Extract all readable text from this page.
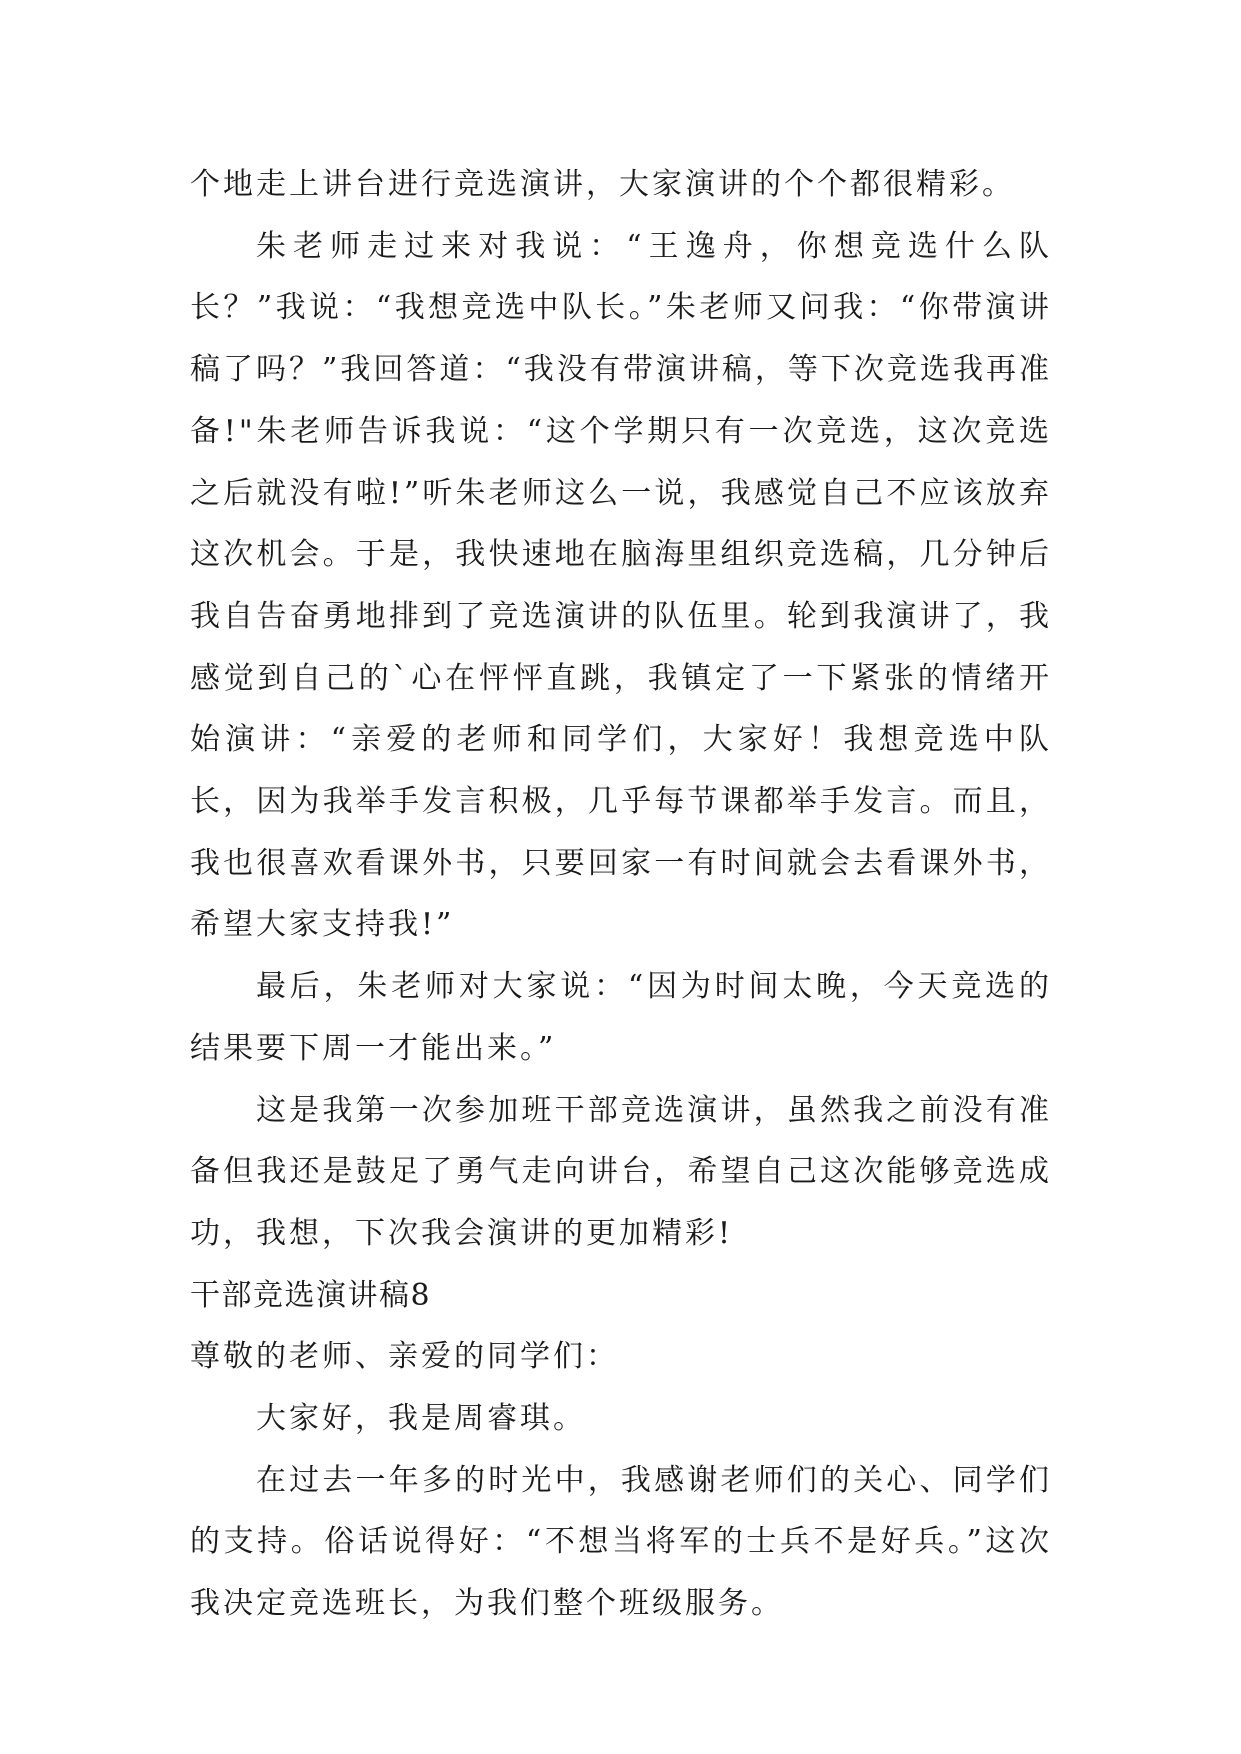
个地走上讲台进行竞选演讲，大家演讲的个个都很精彩。

朱老师走过来对我说：“王逸舟，你想竞选什么队长？”我说：“我想竞选中队长。”朱老师又问我：“你带演讲稿了吗？”我回答道：“我没有带演讲稿，等下次竞选我再准备!"朱老师告诉我说：“这个学期只有一次竞选，这次竞选之后就没有啦!”听朱老师这么一说，我感觉自己不应该放弃这次机会。于是，我快速地在脑海里组织竞选稿，几分钟后我自告奋勇地排到了竞选演讲的队伍里。轮到我演讲了，我感觉到自己的`心在怦怦直跳，我镇定了一下紧张的情绪开始演讲：“亲爱的老师和同学们，大家好！我想竞选中队长，因为我举手发言积极，几乎每节课都举手发言。而且，我也很喜欢看课外书，只要回家一有时间就会去看课外书，希望大家支持我!”

最后，朱老师对大家说：“因为时间太晚，今天竞选的结果要下周一才能出来。”

这是我第一次参加班干部竞选演讲，虽然我之前没有准备但我还是鼓足了勇气走向讲台，希望自己这次能够竞选成功，我想，下次我会演讲的更加精彩!

干部竞选演讲稿8

尊敬的老师、亲爱的同学们：

大家好，我是周睿琪。

在过去一年多的时光中，我感谢老师们的关心、同学们的支持。俗话说得好：“不想当将军的士兵不是好兵。”这次我决定竞选班长，为我们整个班级服务。
